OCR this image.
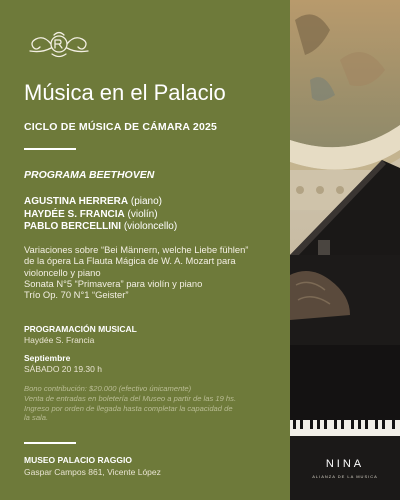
Música en el Palacio
CICLO DE MÚSICA DE CÁMARA 2025
PROGRAMA BEETHOVEN
AGUSTINA HERRERA (piano)
HAYDÉE S. FRANCIA (violín)
PABLO BERCELLINI (violoncello)
Variaciones sobre “Bei Männern, welche Liebe fühlen”
de la ópera La Flauta Mágica de W. A. Mozart para
violoncello y piano
Sonata N°5 “Primavera” para violín y piano
Trío Op. 70 N°1 “Geister”
PROGRAMACIÓN MUSICAL
Haydée S. Francia
Septiembre
SÁBADO 20 19.30 h
Bono contribución: $20.000 (efectivo únicamente)
Venta de entradas en boletería del Museo a partir de las 19 hs.
Ingreso por orden de llegada hasta completar la capacidad de
la sala.
MUSEO PALACIO RAGGIO
Gaspar Campos 861, Vicente López
NINA
ALIANZA DE LA MUSICA
